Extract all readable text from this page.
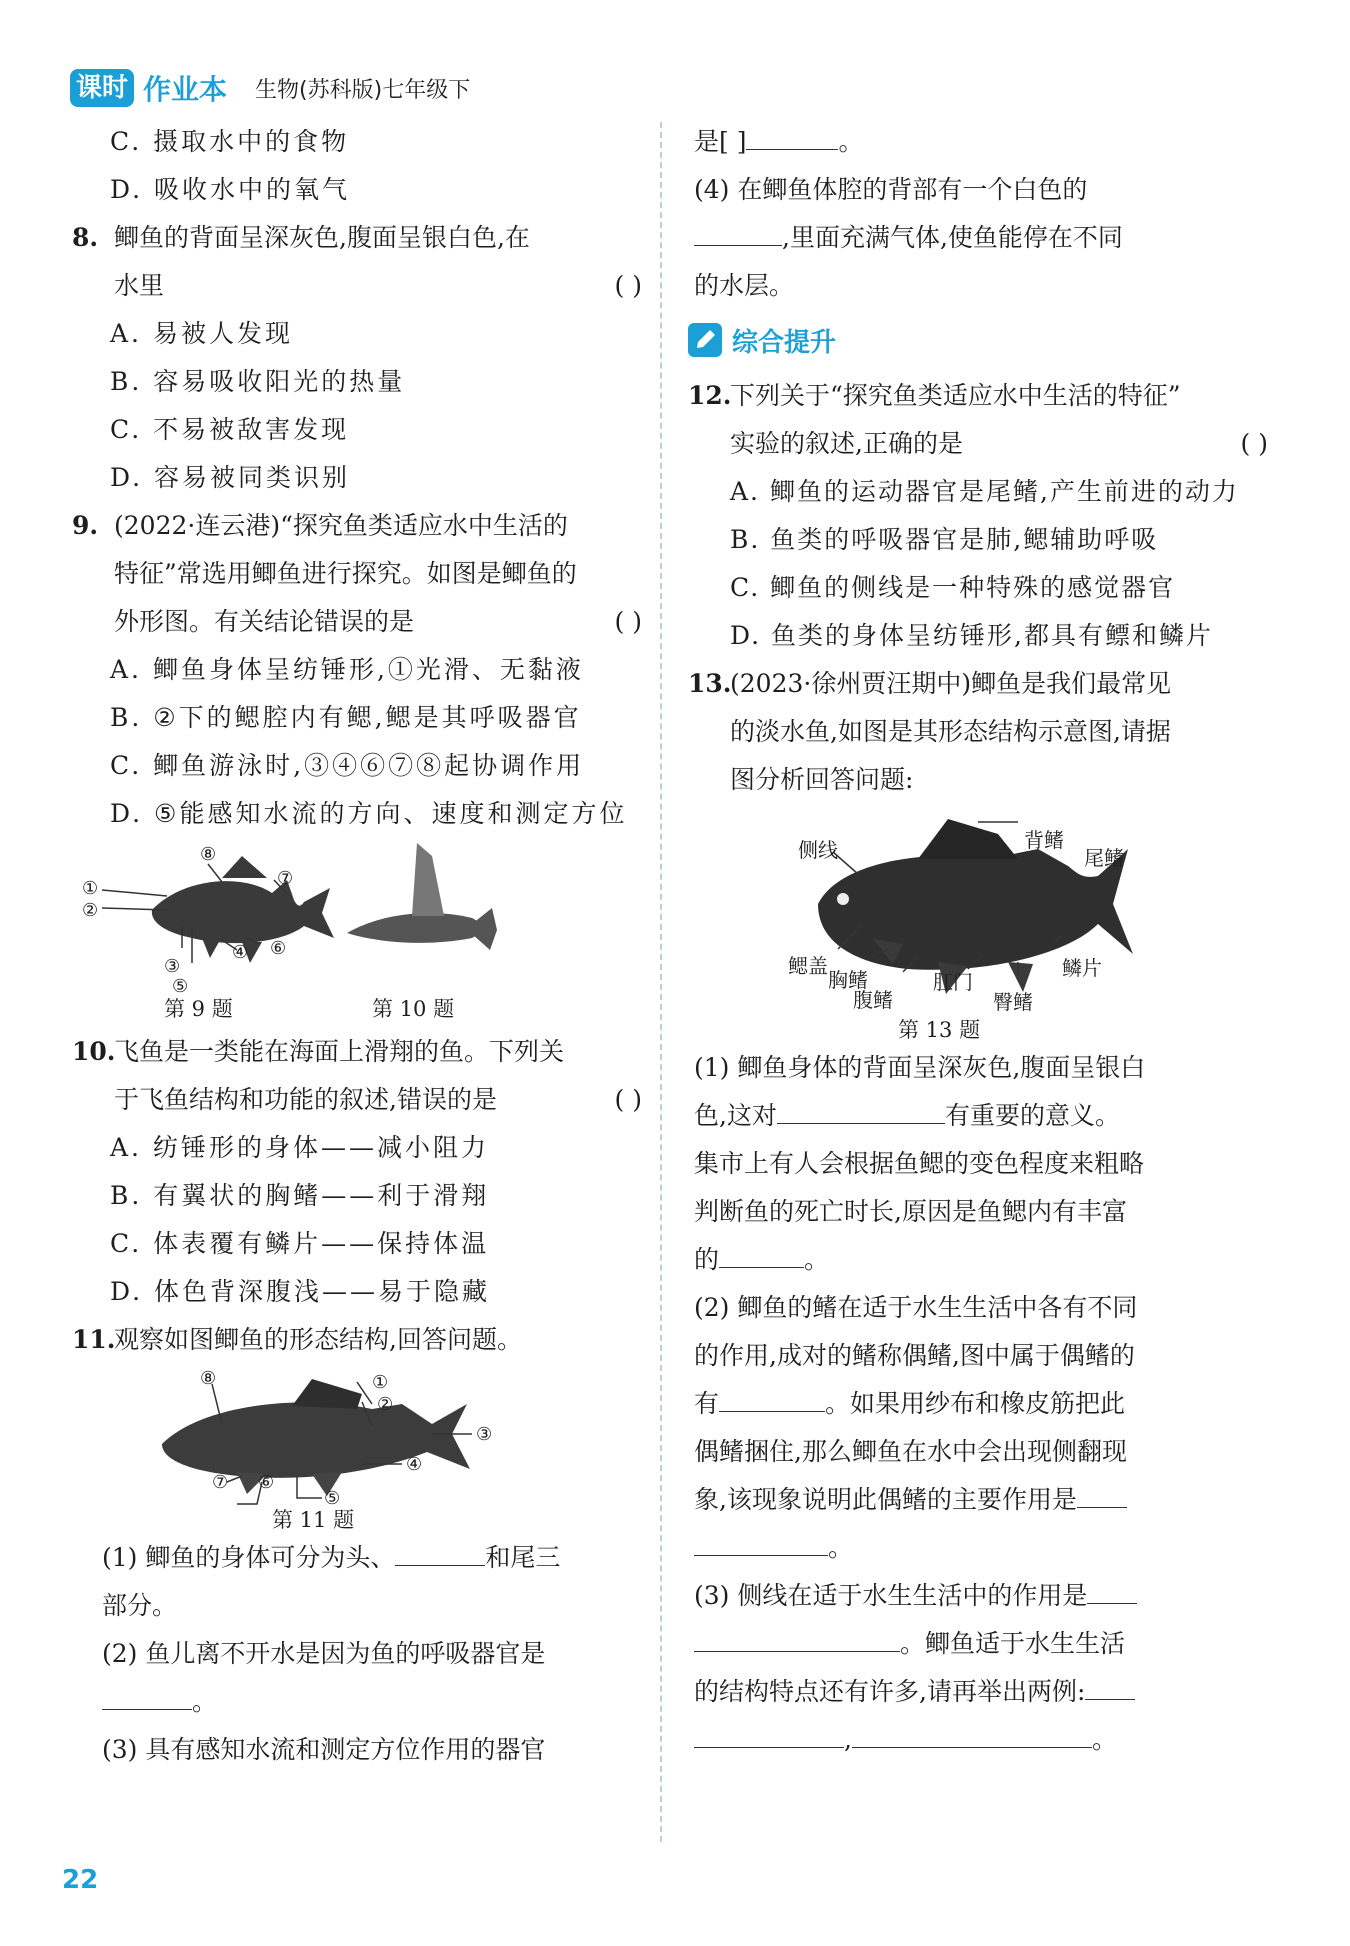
课时 作业本 生物(苏科版)七年级下
C. 摄取水中的食物
D. 吸收水中的氧气
8. 鲫鱼的背面呈深灰色,腹面呈银白色,在
水里	( )
A. 易被人发现
B. 容易吸收阳光的热量
C. 不易被敌害发现
D. 容易被同类识别
9. (2022·连云港)“探究鱼类适应水中生活的
特征”常选用鲫鱼进行探究。如图是鲫鱼的
外形图。有关结论错误的是	( )
A. 鲫鱼身体呈纺锤形,①光滑、无黏液
B. ②下的鳃腔内有鳃,鳃是其呼吸器官
C. 鲫鱼游泳时,③④⑥⑦⑧起协调作用
D. ⑤能感知水流的方向、速度和测定方位
①
②
③
④
⑤
⑥
⑦
⑧
第 9 题	第 10 题
10.飞鱼是一类能在海面上滑翔的鱼。下列关
于飞鱼结构和功能的叙述,错误的是	( )
A. 纺锤形的身体——减小阻力
B. 有翼状的胸鳍——利于滑翔
C. 体表覆有鳞片——保持体温
D. 体色背深腹浅——易于隐藏
11.观察如图鲫鱼的形态结构,回答问题。
⑧	①
②
③
④
⑤
⑥
⑦
第 11 题
(1) 鲫鱼的身体可分为头、	和尾三
部分。
(2) 鱼儿离不开水是因为鱼的呼吸器官是
。
(3) 具有感知水流和测定方位作用的器官
是[ ]	。
(4) 在鲫鱼体腔的背部有一个白色的
,里面充满气体,使鱼能停在不同
的水层。
综合提升
12.下列关于“探究鱼类适应水中生活的特征”
实验的叙述,正确的是	( )
A. 鲫鱼的运动器官是尾鳍,产生前进的动力
B. 鱼类的呼吸器官是肺,鳃辅助呼吸
C. 鲫鱼的侧线是一种特殊的感觉器官
D. 鱼类的身体呈纺锤形,都具有鳔和鳞片
13.(2023·徐州贾汪期中)鲫鱼是我们最常见
的淡水鱼,如图是其形态结构示意图,请据
图分析回答问题:
侧线	背鳍
尾鳍
鳃盖
胸鳍
腹鳍
肛门
臀鳍
鳞片
第 13 题
(1) 鲫鱼身体的背面呈深灰色,腹面呈银白
色,这对	有重要的意义。
集市上有人会根据鱼鳃的变色程度来粗略
判断鱼的死亡时长,原因是鱼鳃内有丰富
的	。
(2) 鲫鱼的鳍在适于水生生活中各有不同
的作用,成对的鳍称偶鳍,图中属于偶鳍的
有	。如果用纱布和橡皮筋把此
偶鳍捆住,那么鲫鱼在水中会出现侧翻现
象,该现象说明此偶鳍的主要作用是
。
(3) 侧线在适于水生生活中的作用是
。鲫鱼适于水生生活
的结构特点还有许多,请再举出两例:
,	。
22
